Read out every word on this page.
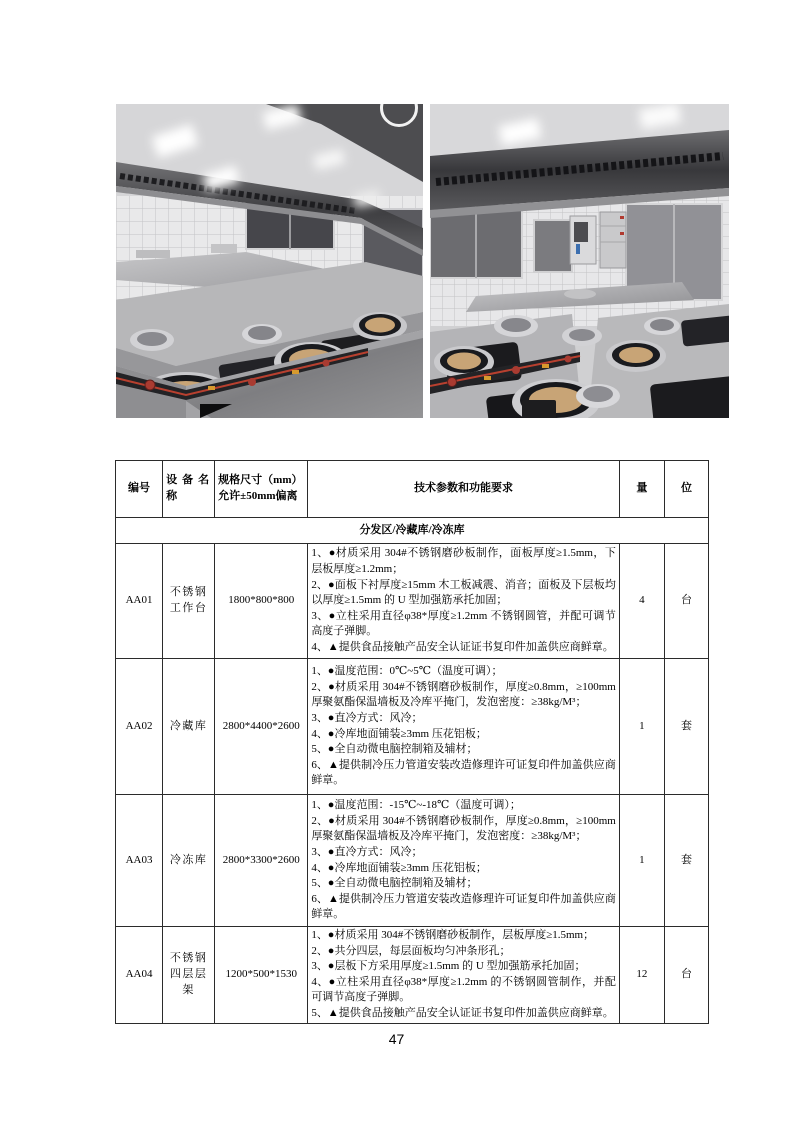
编号	设备名称	规格尺寸（mm）允许±50mm偏离	技术参数和功能要求	量	位
分发区/冷藏库/冷冻库					
AA01	不锈钢工作台	1800*800*800	1、●材质采用 304#不锈钢磨砂板制作，面板厚度≥1.5mm，下层板厚度≥1.2mm；
2、●面板下衬厚度≥15mm 木工板减震、消音；面板及下层板均以厚度≥1.5mm 的 U 型加强筋承托加固；
3、●立柱采用直径φ38*厚度≥1.2mm 不锈钢圆管，并配可调节高度子弹脚。
4、▲提供食品接触产品安全认证证书复印件加盖供应商鲜章。	4	台
AA02	冷藏库	2800*4400*2600	
1、●温度范围：0℃~5℃（温度可调）；
2、●材质采用 304#不锈钢磨砂板制作，厚度≥0.8mm，≥100mm 厚聚氨酯保温墙板及冷库平掩门，发泡密度：≥38kg/M³；
3、●直冷方式：风冷；
4、●冷库地面铺装≥3mm 压花铝板；
5、●全自动微电脑控制箱及辅材；
6、▲提供制冷压力管道安装改造修理许可证复印件加盖供应商鲜章。
	1	套
AA03	冷冻库	2800*3300*2600	
1、●温度范围：-15℃~-18℃（温度可调）；
2、●材质采用 304#不锈钢磨砂板制作，厚度≥0.8mm，≥100mm 厚聚氨酯保温墙板及冷库平掩门，发泡密度：≥38kg/M³；
3、●直冷方式：风冷；
4、●冷库地面铺装≥3mm 压花铝板；
5、●全自动微电脑控制箱及辅材；
6、▲提供制冷压力管道安装改造修理许可证复印件加盖供应商鲜章。
	1	套
AA04	不锈钢四层层架	1200*500*1530	1、●材质采用 304#不锈钢磨砂板制作，层板厚度≥1.5mm；
2、●共分四层，每层面板均匀冲条形孔；
3、●层板下方采用厚度≥1.5mm 的 U 型加强筋承托加固；
4、●立柱采用直径φ38*厚度≥1.2mm 的不锈钢圆管制作，并配可调节高度子弹脚。
5、▲提供食品接触产品安全认证证书复印件加盖供应商鲜章。	12	台
47
